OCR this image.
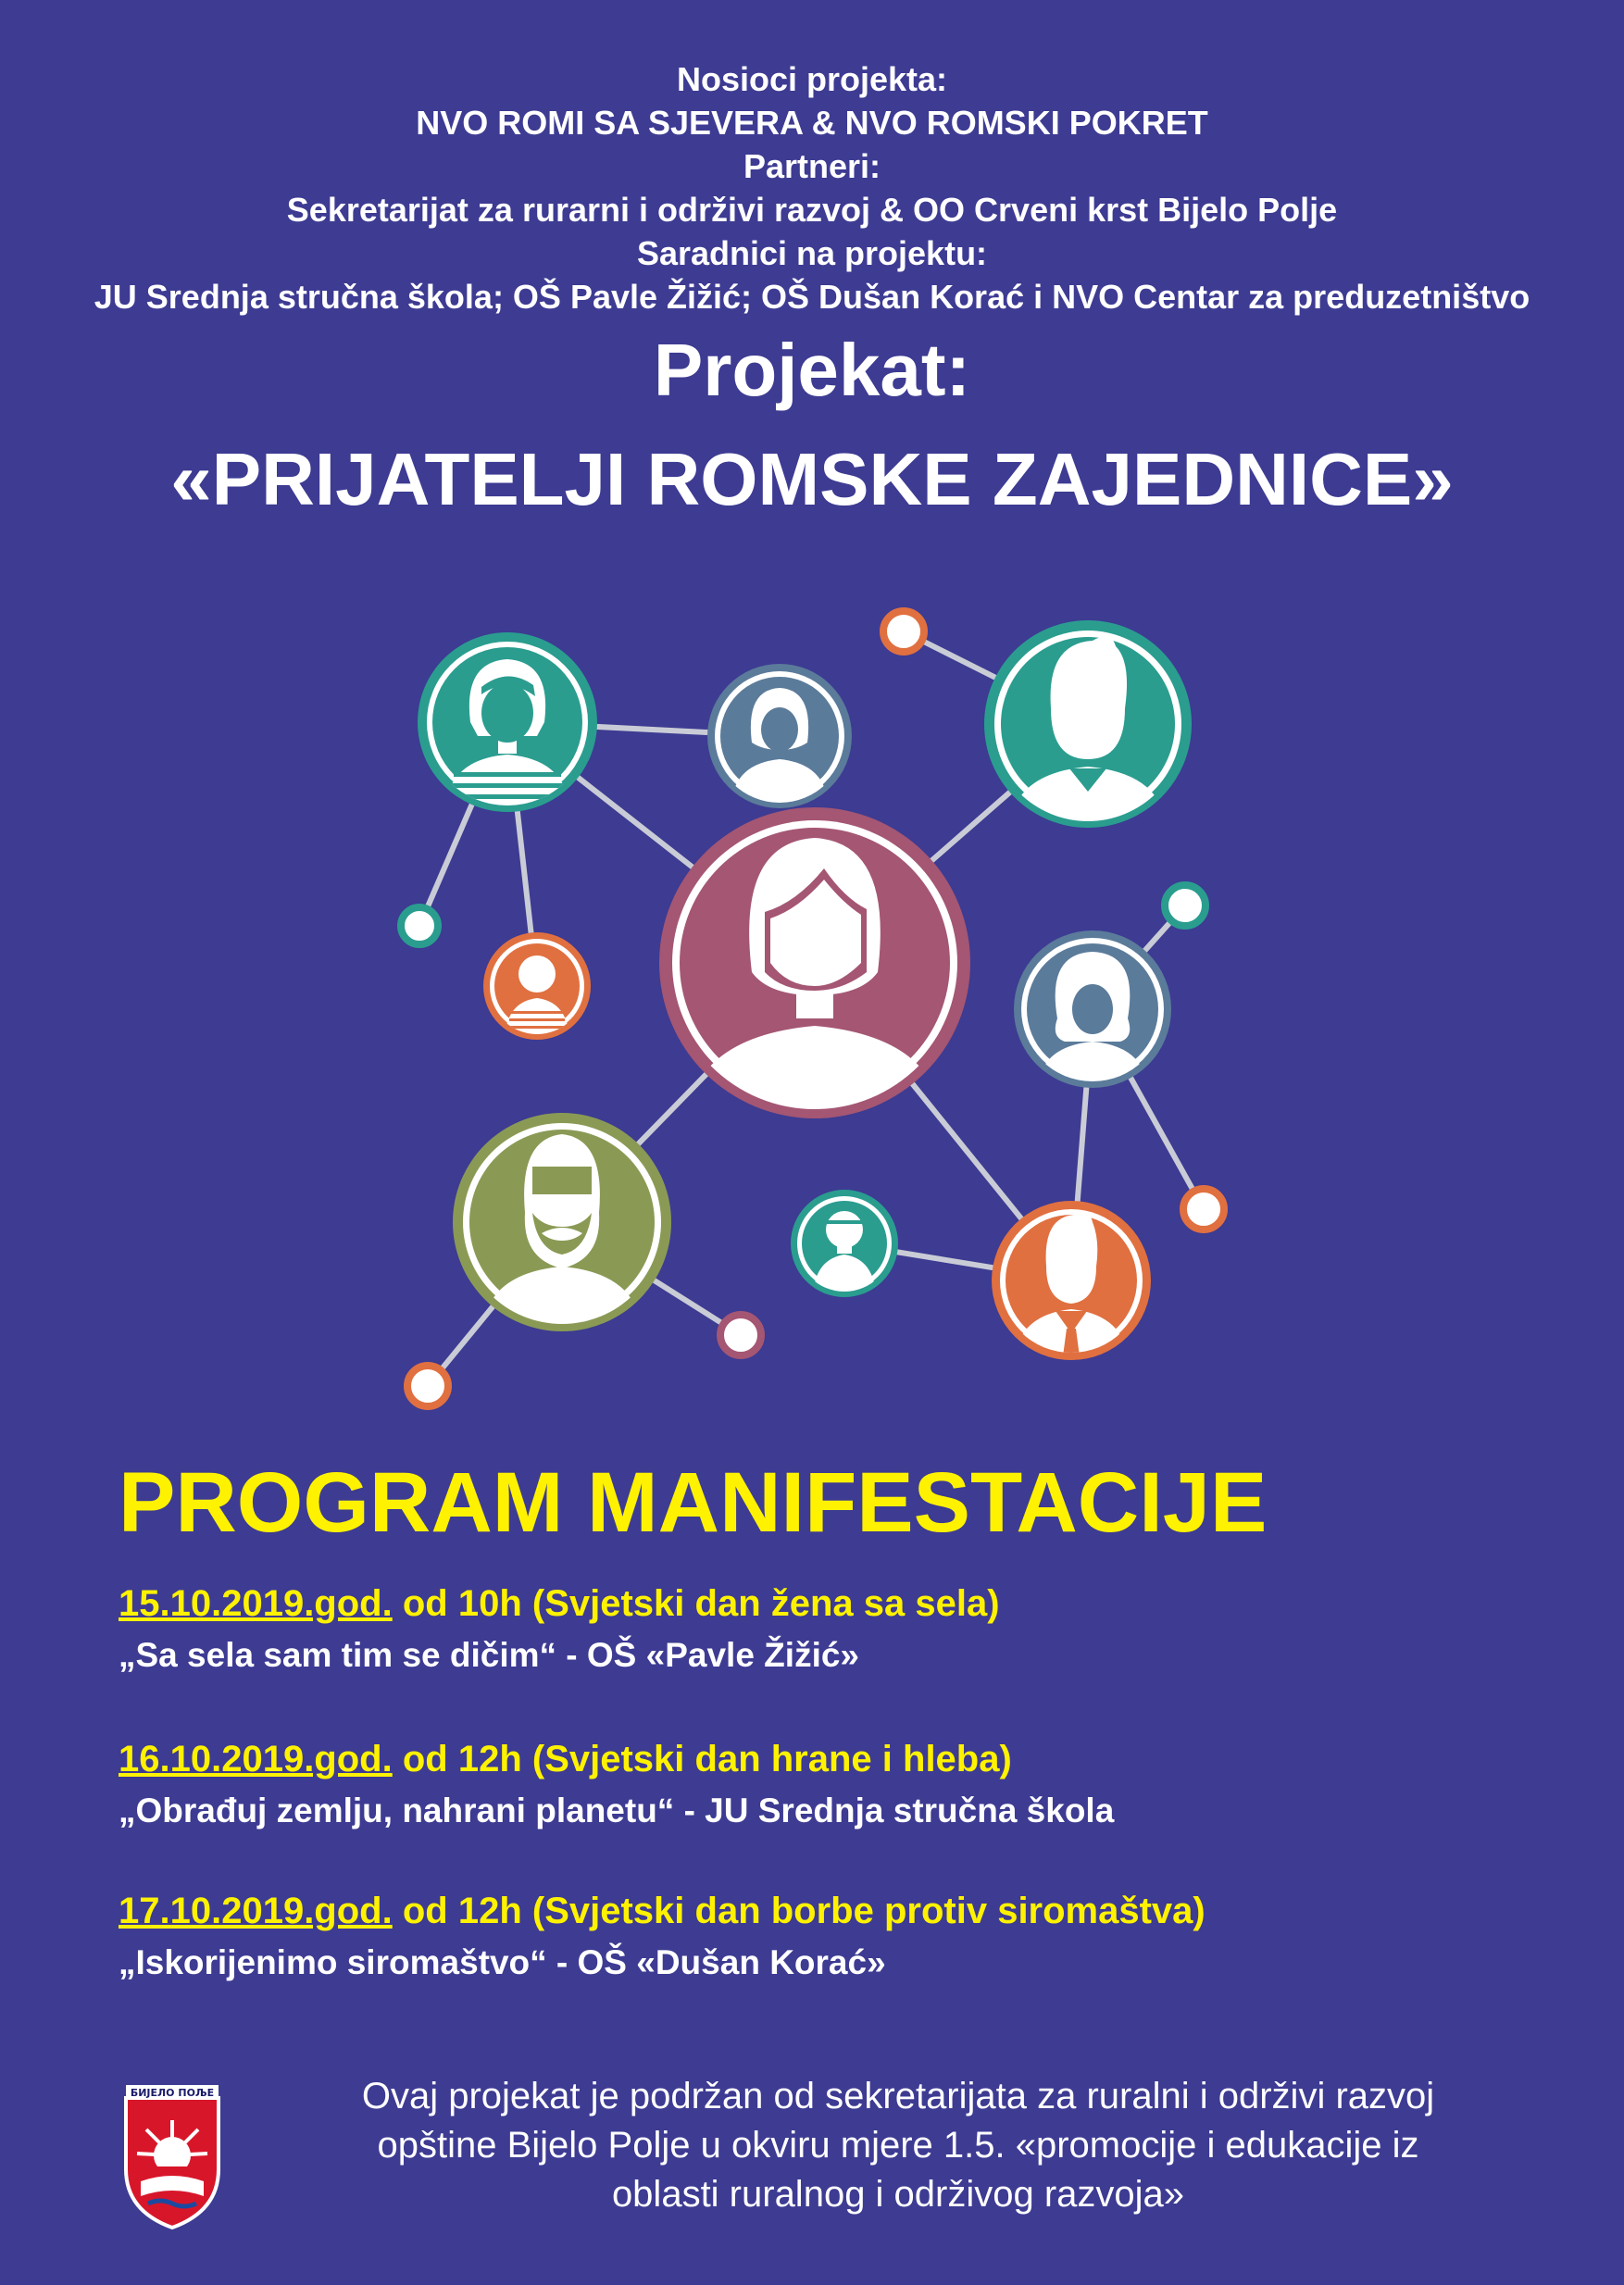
Nosioci projekta:
NVO ROMI SA SJEVERA & NVO ROMSKI POKRET
Partneri:
Sekretarijat za rurarni i održivi razvoj & OO Crveni krst Bijelo Polje
Saradnici na projektu:
JU Srednja stručna škola; OŠ Pavle Žižić; OŠ Dušan Korać i NVO Centar za preduzetništvo
Projekat:
«PRIJATELJI ROMSKE ZAJEDNICE»
PROGRAM MANIFESTACIJE
15.10.2019.god. od 10h (Svjetski dan žena sa sela)
„Sa sela sam tim se dičim“ - OŠ «Pavle Žižić»
16.10.2019.god. od 12h (Svjetski dan hrane i hleba)
„Obrađuj zemlju, nahrani planetu“ - JU Srednja stručna škola
17.10.2019.god. od 12h (Svjetski dan borbe protiv siromaštva)
„Iskorijenimo siromaštvo“ - OŠ «Dušan Korać»
БИЈЕЛО ПОЉЕ	Ovaj projekat je podržan od sekretarijata za ruralni i održivi razvoj
opštine Bijelo Polje u okviru mjere 1.5. «promocije i edukacije iz
oblasti ruralnog i održivog razvoja»
